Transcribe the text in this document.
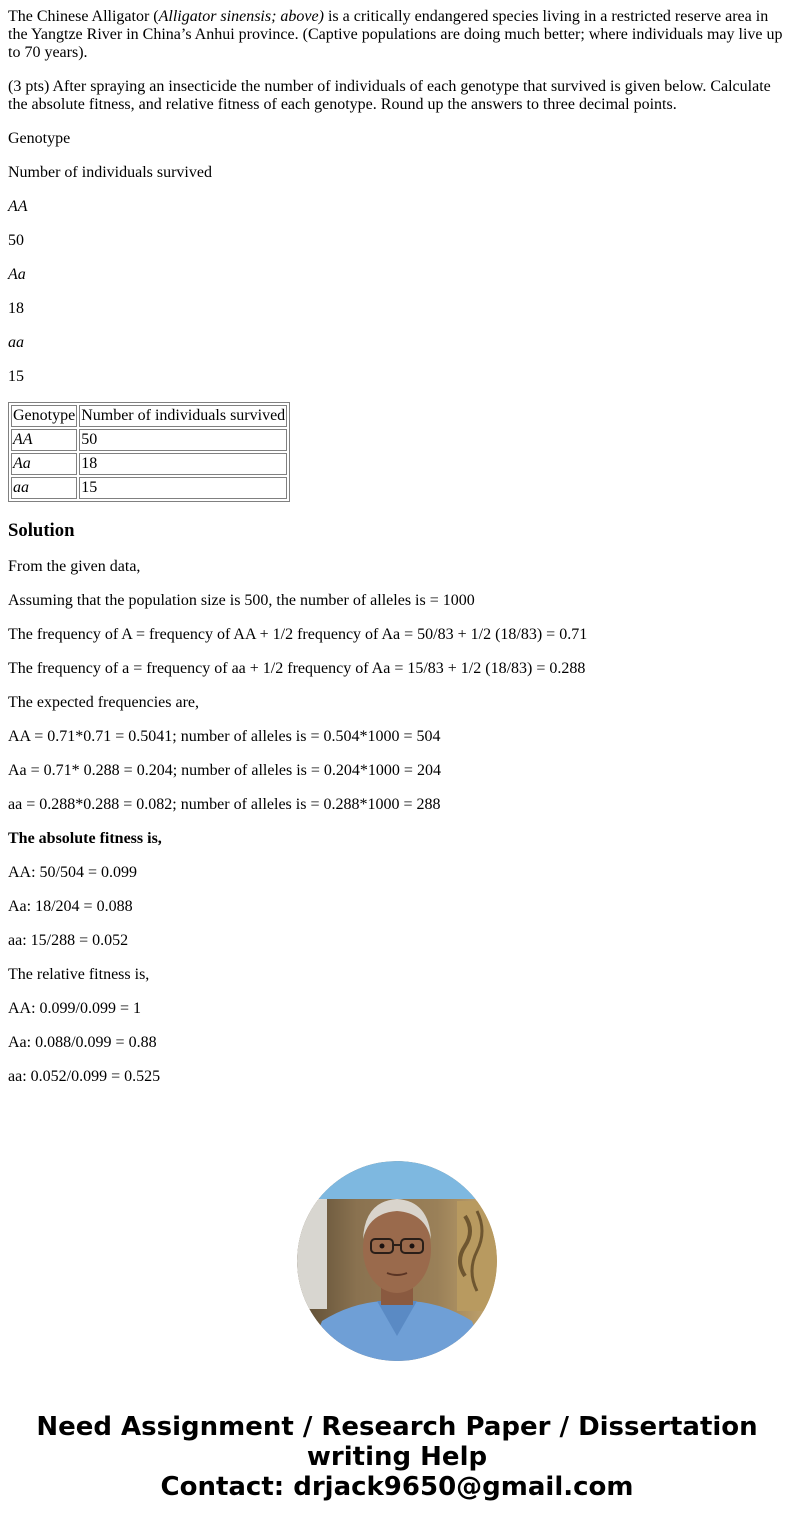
The Chinese Alligator (Alligator sinensis; above) is a critically endangered species living in a restricted reserve area in the Yangtze River in China’s Anhui province. (Captive populations are doing much better; where individuals may live up to 70 years).

(3 pts) After spraying an insecticide the number of individuals of each genotype that survived is given below. Calculate the absolute fitness, and relative fitness of each genotype. Round up the answers to three decimal points.

Genotype

Number of individuals survived

AA

50

Aa

18

aa

15

Genotype	Number of individuals survived
AA	50
Aa	18
aa	15
Solution

From the given data,

Assuming that the population size is 500, the number of alleles is = 1000

The frequency of A = frequency of AA + 1/2 frequency of Aa = 50/83 + 1/2 (18/83) = 0.71

The frequency of a = frequency of aa + 1/2 frequency of Aa = 15/83 + 1/2 (18/83) = 0.288

The expected frequencies are,

AA = 0.71*0.71 = 0.5041; number of alleles is = 0.504*1000 = 504

Aa = 0.71* 0.288 = 0.204; number of alleles is = 0.204*1000 = 204

aa = 0.288*0.288 = 0.082; number of alleles is = 0.288*1000 = 288

The absolute fitness is,

AA: 50/504 = 0.099

Aa: 18/204 = 0.088

aa: 15/288 = 0.052

The relative fitness is,

AA: 0.099/0.099 = 1

Aa: 0.088/0.099 = 0.88

aa: 0.052/0.099 = 0.525

Need Assignment / Research Paper / Dissertation
writing Help
Contact: drjack9650@gmail.com
